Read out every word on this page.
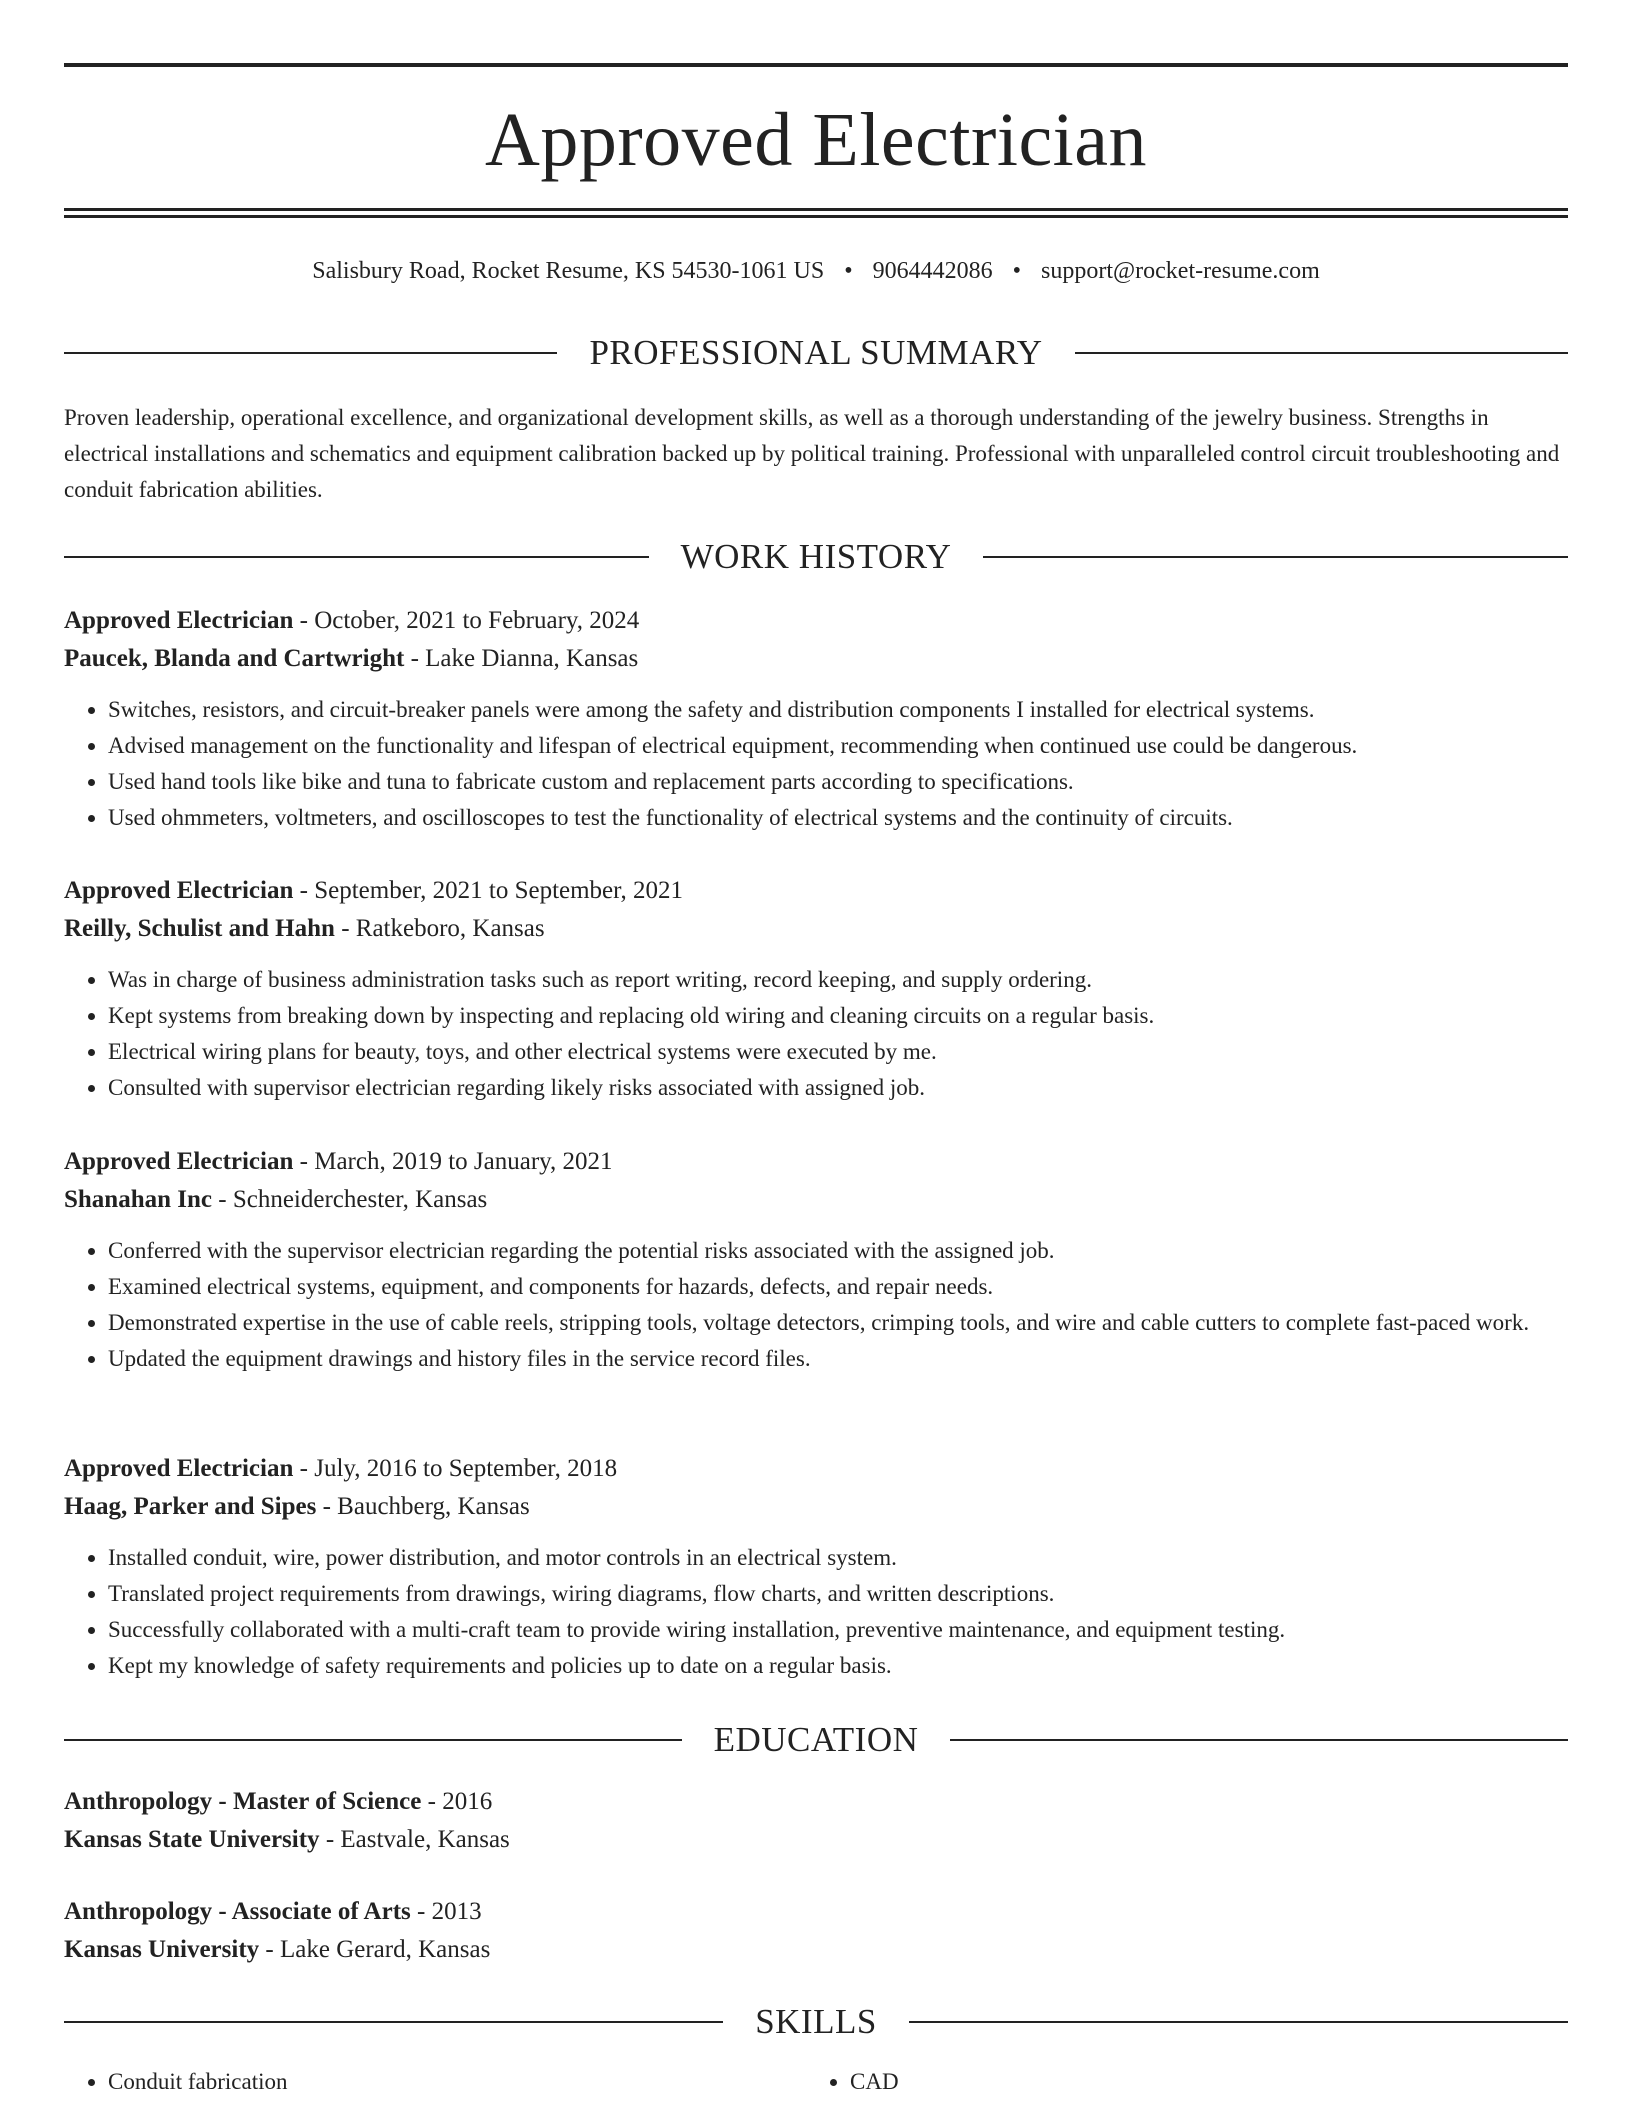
Approved Electrician
Salisbury Road, Rocket Resume, KS 54530-1061 US • 9064442086 • support@rocket-resume.com
PROFESSIONAL SUMMARY

Proven leadership, operational excellence, and organizational development skills, as well as a thorough understanding of the jewelry business. Strengths in electrical installations and schematics and equipment calibration backed up by political training. Professional with unparalleled control circuit troubleshooting and conduit fabrication abilities.

WORK HISTORY
Approved Electrician - October, 2021 to February, 2024
Paucek, Blanda and Cartwright - Lake Dianna, Kansas
• Switches, resistors, and circuit-breaker panels were among the safety and distribution components I installed for electrical systems.
• Advised management on the functionality and lifespan of electrical equipment, recommending when continued use could be dangerous.
• Used hand tools like bike and tuna to fabricate custom and replacement parts according to specifications.
• Used ohmmeters, voltmeters, and oscilloscopes to test the functionality of electrical systems and the continuity of circuits.
Approved Electrician - September, 2021 to September, 2021
Reilly, Schulist and Hahn - Ratkeboro, Kansas
• Was in charge of business administration tasks such as report writing, record keeping, and supply ordering.
• Kept systems from breaking down by inspecting and replacing old wiring and cleaning circuits on a regular basis.
• Electrical wiring plans for beauty, toys, and other electrical systems were executed by me.
• Consulted with supervisor electrician regarding likely risks associated with assigned job.
Approved Electrician - March, 2019 to January, 2021
Shanahan Inc - Schneiderchester, Kansas
• Conferred with the supervisor electrician regarding the potential risks associated with the assigned job.
• Examined electrical systems, equipment, and components for hazards, defects, and repair needs.
• Demonstrated expertise in the use of cable reels, stripping tools, voltage detectors, crimping tools, and wire and cable cutters to complete fast-paced work.
• Updated the equipment drawings and history files in the service record files.
Approved Electrician - July, 2016 to September, 2018
Haag, Parker and Sipes - Bauchberg, Kansas
• Installed conduit, wire, power distribution, and motor controls in an electrical system.
• Translated project requirements from drawings, wiring diagrams, flow charts, and written descriptions.
• Successfully collaborated with a multi-craft team to provide wiring installation, preventive maintenance, and equipment testing.
• Kept my knowledge of safety requirements and policies up to date on a regular basis.
EDUCATION
Anthropology - Master of Science - 2016
Kansas State University - Eastvale, Kansas
Anthropology - Associate of Arts - 2013
Kansas University - Lake Gerard, Kansas
SKILLS
• Conduit fabrication
•	CAD
